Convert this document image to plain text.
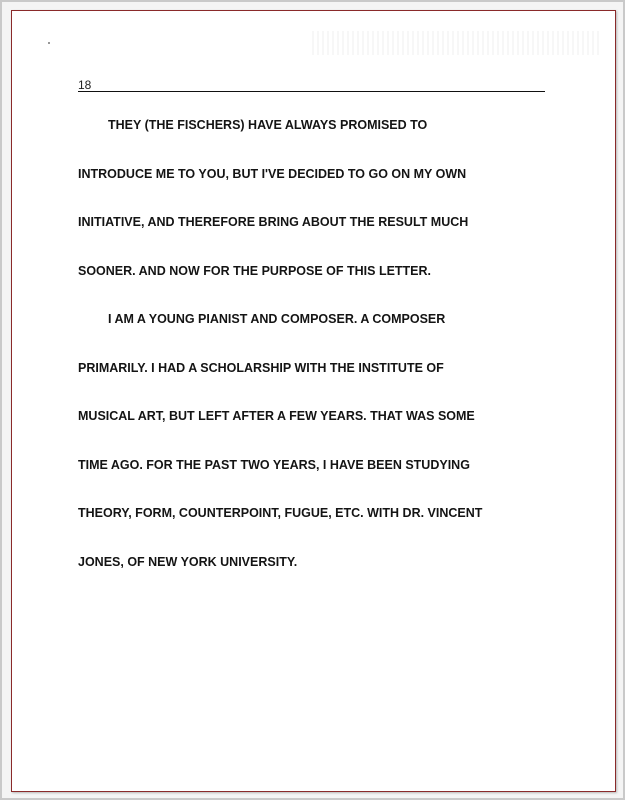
18
THEY (THE FISCHERS) HAVE ALWAYS PROMISED TO
INTRODUCE ME TO YOU, BUT I'VE DECIDED TO GO ON MY OWN
INITIATIVE, AND THEREFORE BRING ABOUT THE RESULT MUCH
SOONER. AND NOW FOR THE PURPOSE OF THIS LETTER.
I AM A YOUNG PIANIST AND COMPOSER. A COMPOSER
PRIMARILY. I HAD A SCHOLARSHIP WITH THE INSTITUTE OF
MUSICAL ART, BUT LEFT AFTER A FEW YEARS. THAT WAS SOME
TIME AGO. FOR THE PAST TWO YEARS, I HAVE BEEN STUDYING
THEORY, FORM, COUNTERPOINT, FUGUE, ETC. WITH DR. VINCENT
JONES, OF NEW YORK UNIVERSITY.
